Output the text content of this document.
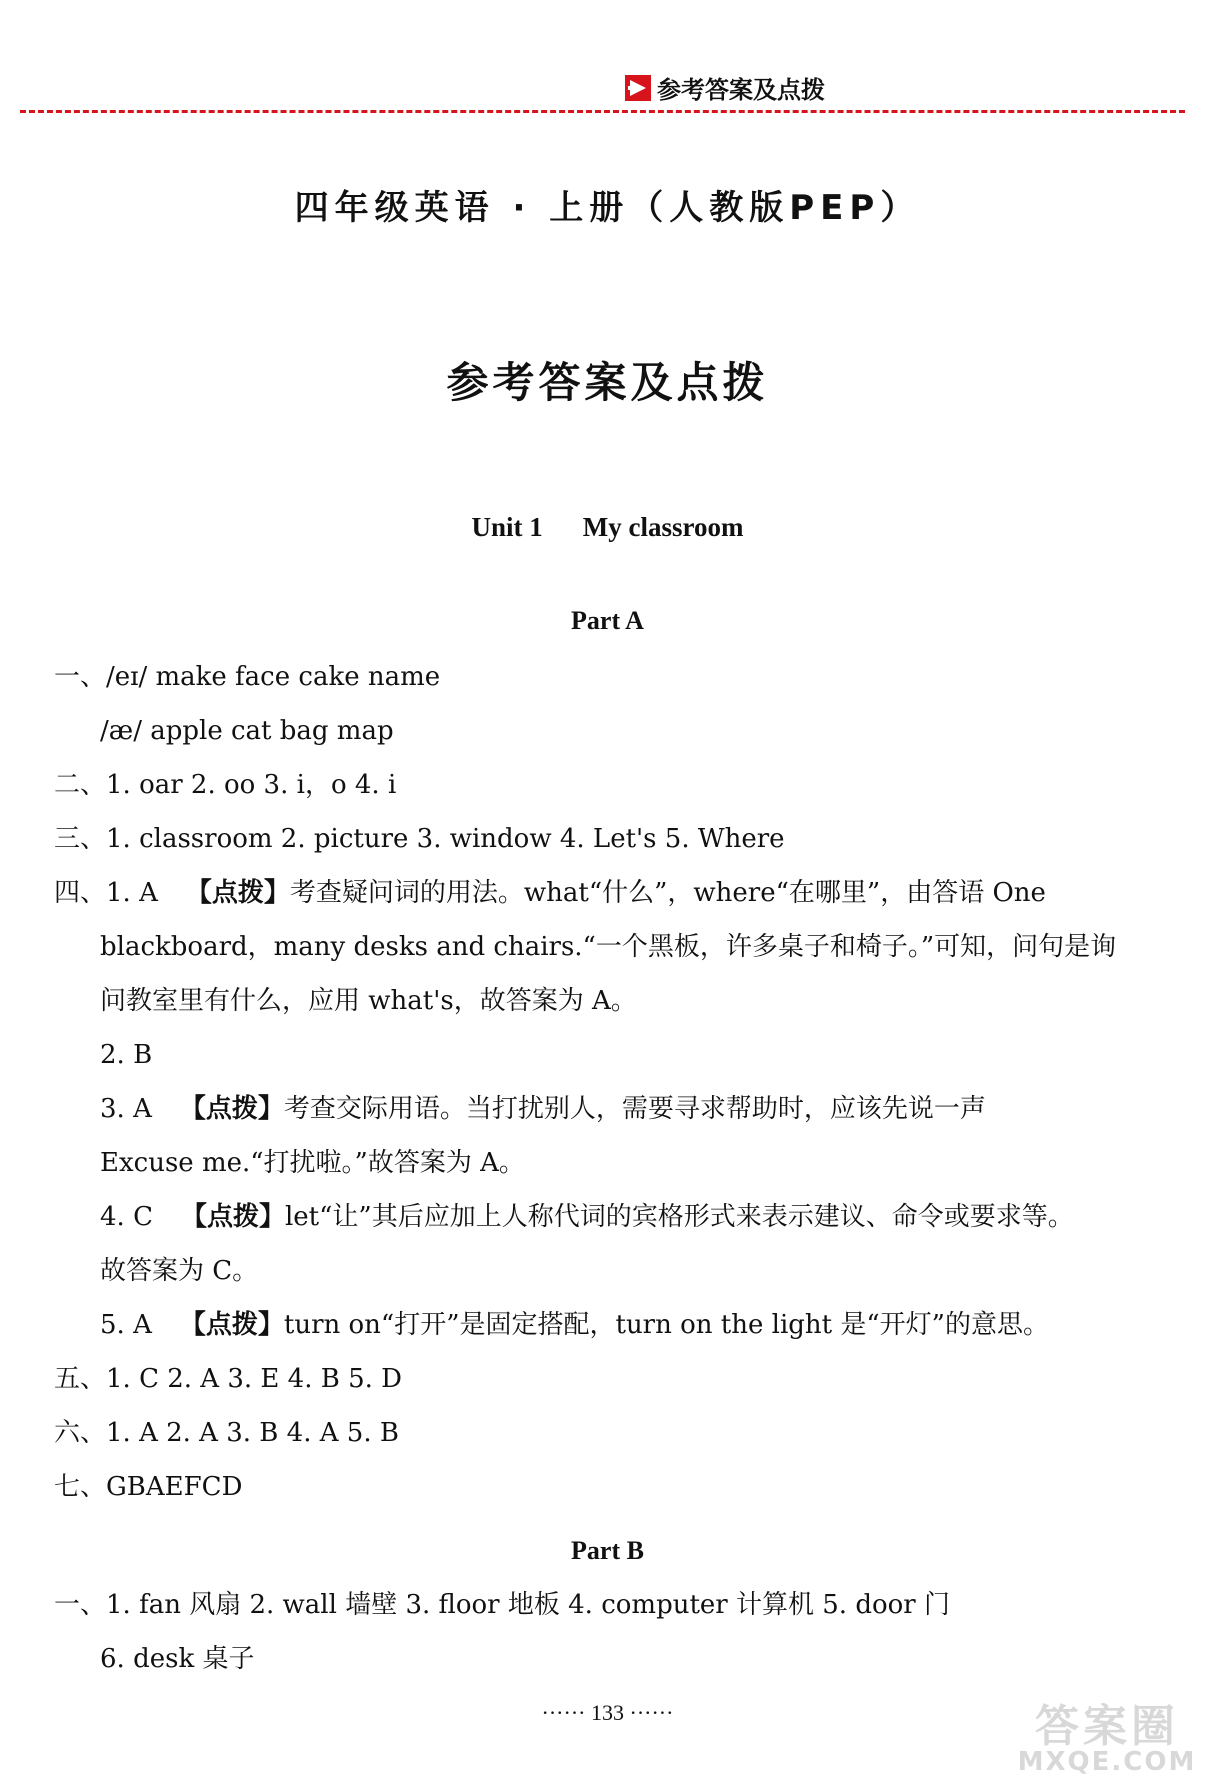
参考答案及点拨
四年级英语 · 上册（人教版PEP）
参考答案及点拨
Unit 1 My classroom
Part A
一、/eɪ/ make face cake name
/æ/ apple cat bag map
二、1. oar 2. oo 3. i，o 4. i
三、1. classroom 2. picture 3. window 4. Let's 5. Where
四、1. A 【点拨】考查疑问词的用法。what“什么”，where“在哪里”，由答语 One
blackboard，many desks and chairs.“一个黑板，许多桌子和椅子。”可知，问句是询
问教室里有什么，应用 what's，故答案为 A。
2. B
3. A 【点拨】考查交际用语。当打扰别人，需要寻求帮助时，应该先说一声
Excuse me.“打扰啦。”故答案为 A。
4. C 【点拨】let“让”其后应加上人称代词的宾格形式来表示建议、命令或要求等。
故答案为 C。
5. A 【点拨】turn on“打开”是固定搭配，turn on the light 是“开灯”的意思。
五、1. C 2. A 3. E 4. B 5. D
六、1. A 2. A 3. B 4. A 5. B
七、GBAEFCD
Part B
一、1. fan 风扇 2. wall 墙壁 3. floor 地板 4. computer 计算机 5. door 门
6. desk 桌子
······ 133 ······	答案圈
MXQE.COM
